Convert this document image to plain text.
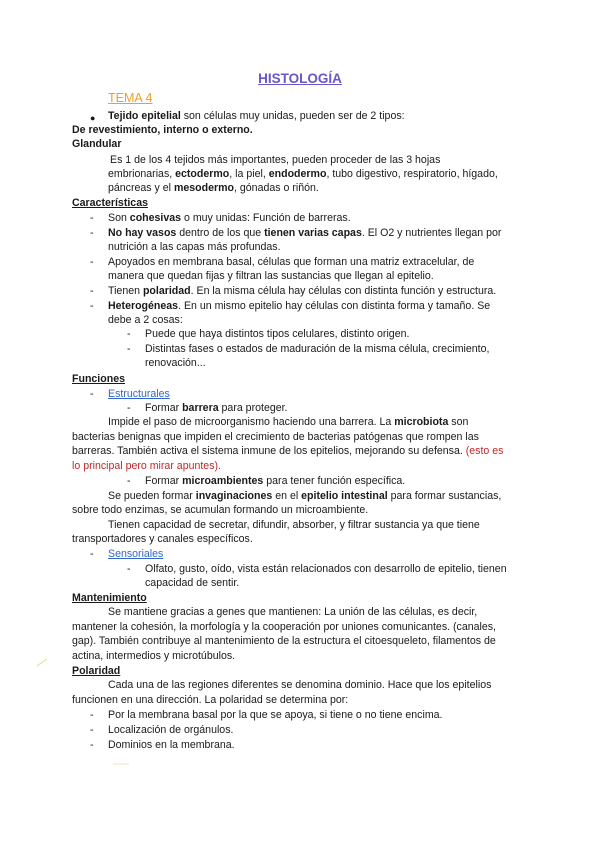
HISTOLOGÍA
TEMA 4
● Tejido epitelial son células muy unidas, pueden ser de 2 tipos:
De revestimiento, interno o externo.
Glandular
Es 1 de los 4 tejidos más importantes, pueden proceder de las 3 hojas
embrionarias, ectodermo, la piel, endodermo, tubo digestivo, respiratorio, hígado,
páncreas y el mesodermo, gónadas o riñón.
Características
- Son cohesivas o muy unidas: Función de barreras.
- No hay vasos dentro de los que tienen varias capas. El O2 y nutrientes llegan por
nutrición a las capas más profundas.
- Apoyados en membrana basal, células que forman una matriz extracelular, de
manera que quedan fijas y filtran las sustancias que llegan al epitelio.
- Tienen polaridad. En la misma célula hay células con distinta función y estructura.
- Heterogéneas. En un mismo epitelio hay células con distinta forma y tamaño. Se
debe a 2 cosas:
- Puede que haya distintos tipos celulares, distinto origen.
- Distintas fases o estados de maduración de la misma célula, crecimiento,
renovación...
Funciones
- Estructurales
- Formar barrera para proteger.
Impide el paso de microorganismo haciendo una barrera. La microbiota son
bacterias benignas que impiden el crecimiento de bacterias patógenas que rompen las
barreras. También activa el sistema inmune de los epitelios, mejorando su defensa. (esto es
lo principal pero mirar apuntes).
- Formar microambientes para tener función específica.
Se pueden formar invaginaciones en el epitelio intestinal para formar sustancias,
sobre todo enzimas, se acumulan formando un microambiente.
Tienen capacidad de secretar, difundir, absorber, y filtrar sustancia ya que tiene
transportadores y canales específicos.
- Sensoriales
- Olfato, gusto, oído, vista están relacionados con desarrollo de epitelio, tienen
capacidad de sentir.
Mantenimiento
Se mantiene gracias a genes que mantienen: La unión de las células, es decir,
mantener la cohesión, la morfología y la cooperación por uniones comunicantes. (canales,
gap). También contribuye al mantenimiento de la estructura el citoesqueleto, filamentos de
actina, intermedios y microtúbulos.
Polaridad
Cada una de las regiones diferentes se denomina dominio. Hace que los epitelios
funcionen en una dirección. La polaridad se determina por:
- Por la membrana basal por la que se apoya, si tiene o no tiene encima.
- Localización de orgánulos.
- Dominios en la membrana.
